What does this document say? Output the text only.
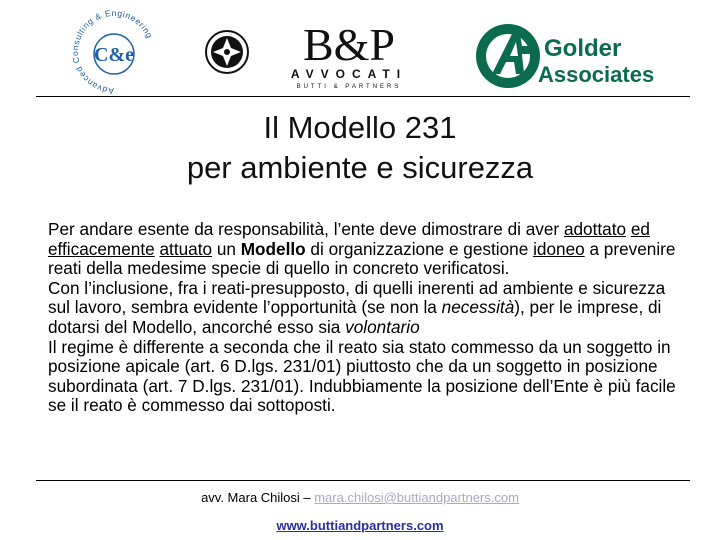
Advanced Consulting & Engineering
C&e	B&P
AVVOCATI
BUTTI & PARTNERS
Golder
Associates
Il Modello 231
per ambiente e sicurezza

Per andare esente da responsabilità, l’ente deve dimostrare di aver adottato ed efficacemente attuato un Modello di organizzazione e gestione idoneo a prevenire reati della medesime specie di quello in concreto verificatosi.

Con l’inclusione, fra i reati-presupposto, di quelli inerenti ad ambiente e sicurezza sul lavoro, sembra evidente l’opportunità (se non la necessità), per le imprese, di dotarsi del Modello, ancorché esso sia volontario

Il regime è differente a seconda che il reato sia stato commesso da un soggetto in posizione apicale (art. 6 D.lgs. 231/01) piuttosto che da un soggetto in posizione subordinata (art. 7 D.lgs. 231/01). Indubbiamente la posizione dell’Ente è più facile se il reato è commesso dai sottoposti.

avv. Mara Chilosi – mara.chilosi@buttiandpartners.com
www.buttiandpartners.com
